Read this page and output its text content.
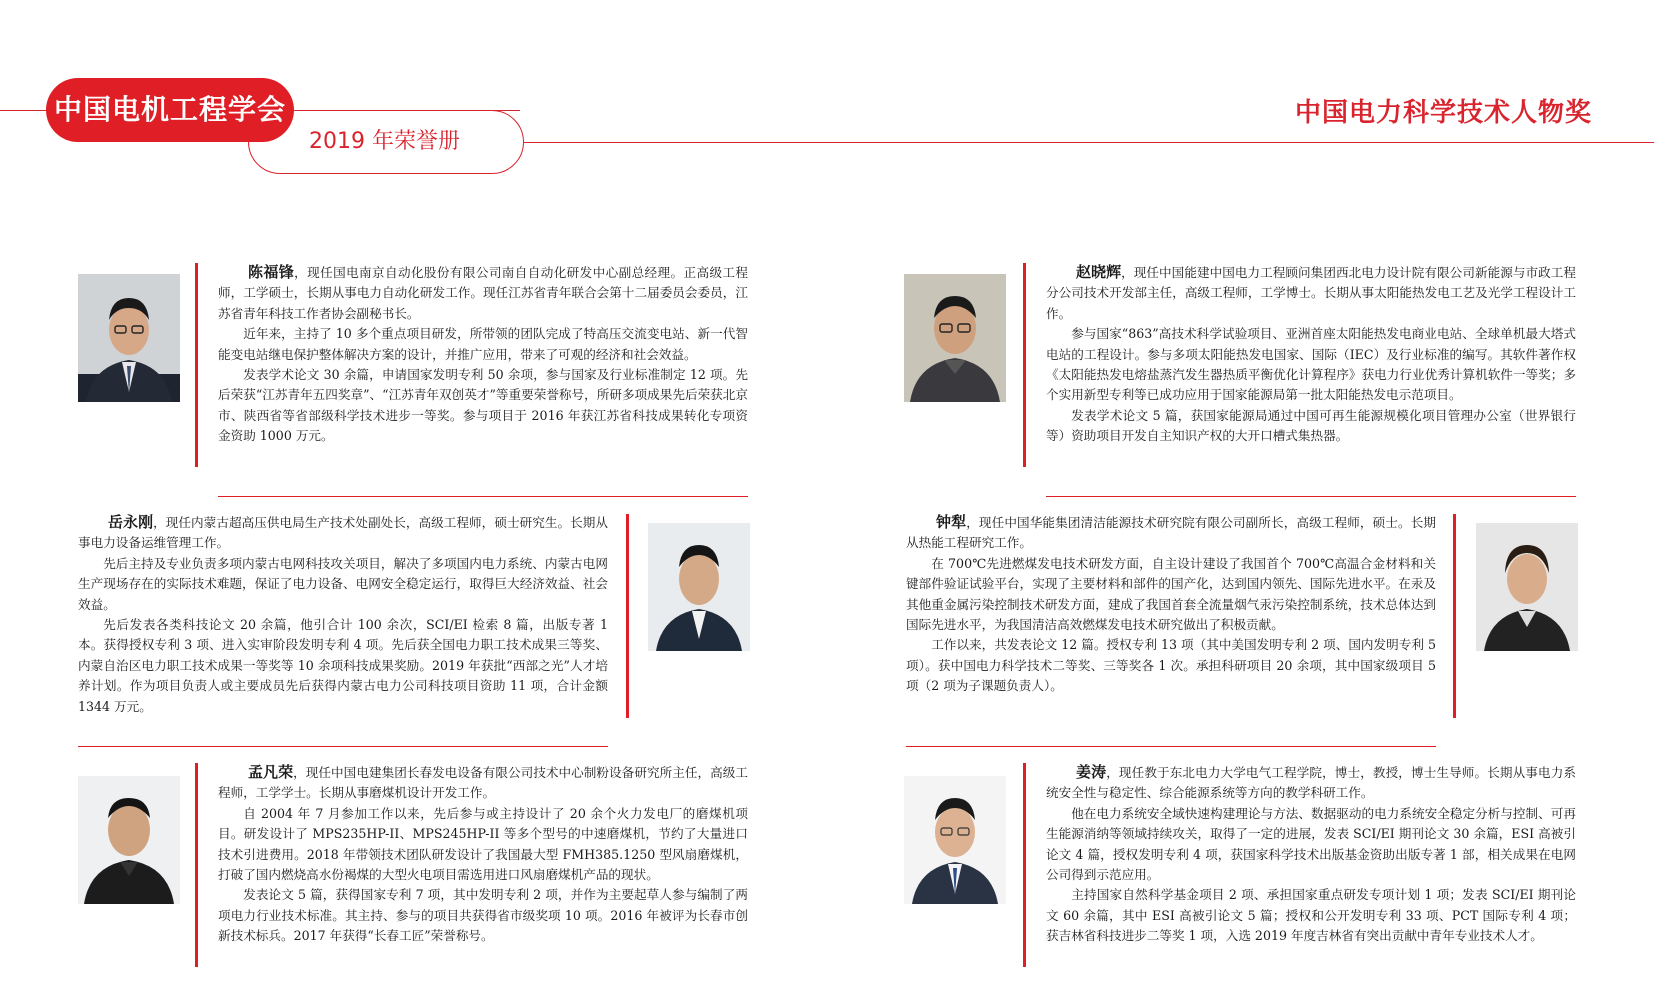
中国电机工程学会
2019 年荣誉册
中国电力科学技术人物奖

陈福锋，现任国电南京自动化股份有限公司南自自动化研发中心副总经理。正高级工程师，工学硕士，长期从事电力自动化研发工作。现任江苏省青年联合会第十二届委员会委员，江苏省青年科技工作者协会副秘书长。

近年来，主持了 10 多个重点项目研发，所带领的团队完成了特高压交流变电站、新一代智能变电站继电保护整体解决方案的设计，并推广应用，带来了可观的经济和社会效益。

发表学术论文 30 余篇，申请国家发明专利 50 余项，参与国家及行业标准制定 12 项。先后荣获“江苏青年五四奖章”、“江苏青年双创英才”等重要荣誉称号，所研多项成果先后荣获北京市、陕西省等省部级科学技术进步一等奖。参与项目于 2016 年获江苏省科技成果转化专项资金资助 1000 万元。

赵晓辉，现任中国能建中国电力工程顾问集团西北电力设计院有限公司新能源与市政工程分公司技术开发部主任，高级工程师，工学博士。长期从事太阳能热发电工艺及光学工程设计工作。

参与国家“863”高技术科学试验项目、亚洲首座太阳能热发电商业电站、全球单机最大塔式电站的工程设计。参与多项太阳能热发电国家、国际（IEC）及行业标准的编写。其软件著作权《太阳能热发电熔盐蒸汽发生器热质平衡优化计算程序》获电力行业优秀计算机软件一等奖；多个实用新型专利等已成功应用于国家能源局第一批太阳能热发电示范项目。

发表学术论文 5 篇，获国家能源局通过中国可再生能源规模化项目管理办公室（世界银行等）资助项目开发自主知识产权的大开口槽式集热器。

岳永刚，现任内蒙古超高压供电局生产技术处副处长，高级工程师，硕士研究生。长期从事电力设备运维管理工作。

先后主持及专业负责多项内蒙古电网科技攻关项目，解决了多项国内电力系统、内蒙古电网生产现场存在的实际技术难题，保证了电力设备、电网安全稳定运行，取得巨大经济效益、社会效益。

先后发表各类科技论文 20 余篇，他引合计 100 余次，SCI/EI 检索 8 篇，出版专著 1 本。获得授权专利 3 项、进入实审阶段发明专利 4 项。先后获全国电力职工技术成果三等奖、内蒙自治区电力职工技术成果一等奖等 10 余项科技成果奖励。2019 年获批“西部之光”人才培养计划。作为项目负责人或主要成员先后获得内蒙古电力公司科技项目资助 11 项，合计金额 1344 万元。

钟犁，现任中国华能集团清洁能源技术研究院有限公司副所长，高级工程师，硕士。长期从热能工程研究工作。

在 700℃先进燃煤发电技术研发方面，自主设计建设了我国首个 700℃高温合金材料和关键部件验证试验平台，实现了主要材料和部件的国产化，达到国内领先、国际先进水平。在汞及其他重金属污染控制技术研发方面，建成了我国首套全流量烟气汞污染控制系统，技术总体达到国际先进水平，为我国清洁高效燃煤发电技术研究做出了积极贡献。

工作以来，共发表论文 12 篇。授权专利 13 项（其中美国发明专利 2 项、国内发明专利 5 项）。获中国电力科学技术二等奖、三等奖各 1 次。承担科研项目 20 余项，其中国家级项目 5 项（2 项为子课题负责人）。

孟凡荣，现任中国电建集团长春发电设备有限公司技术中心制粉设备研究所主任，高级工程师，工学学士。长期从事磨煤机设计开发工作。

自 2004 年 7 月参加工作以来，先后参与或主持设计了 20 余个火力发电厂的磨煤机项目。研发设计了 MPS235HP-II、MPS245HP-II 等多个型号的中速磨煤机，节约了大量进口技术引进费用。2018 年带领技术团队研发设计了我国最大型 FMH385.1250 型风扇磨煤机，打破了国内燃烧高水份褐煤的大型火电项目需选用进口风扇磨煤机产品的现状。

发表论文 5 篇，获得国家专利 7 项，其中发明专利 2 项，并作为主要起草人参与编制了两项电力行业技术标准。其主持、参与的项目共获得省市级奖项 10 项。2016 年被评为长春市创新技术标兵。2017 年获得“长春工匠”荣誉称号。

姜涛，现任教于东北电力大学电气工程学院，博士，教授，博士生导师。长期从事电力系统安全性与稳定性、综合能源系统等方向的教学科研工作。

他在电力系统安全域快速构建理论与方法、数据驱动的电力系统安全稳定分析与控制、可再生能源消纳等领域持续攻关，取得了一定的进展，发表 SCI/EI 期刊论文 30 余篇，ESI 高被引论文 4 篇，授权发明专利 4 项，获国家科学技术出版基金资助出版专著 1 部，相关成果在电网公司得到示范应用。

主持国家自然科学基金项目 2 项、承担国家重点研发专项计划 1 项；发表 SCI/EI 期刊论文 60 余篇，其中 ESI 高被引论文 5 篇；授权和公开发明专利 33 项、PCT 国际专利 4 项；获吉林省科技进步二等奖 1 项，入选 2019 年度吉林省有突出贡献中青年专业技术人才。
